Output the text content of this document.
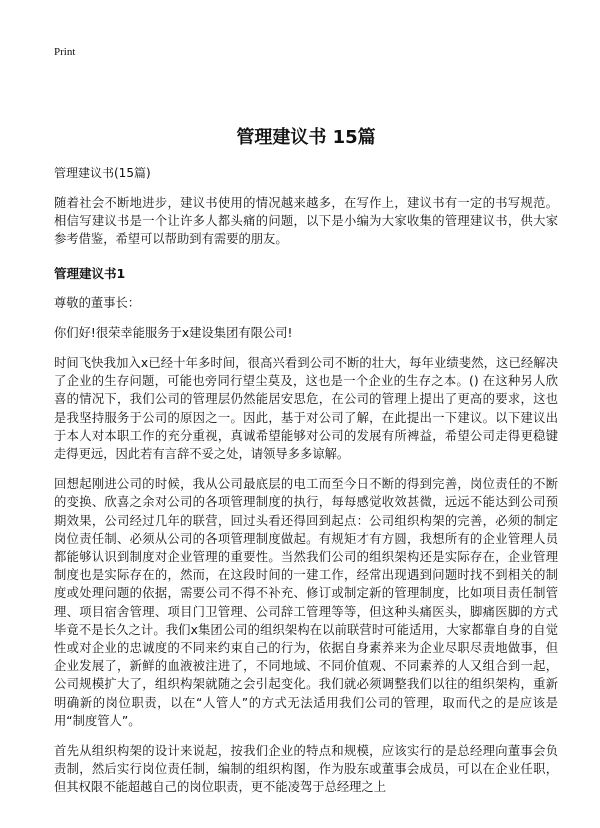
Print
管理建议书 15篇
管理建议书(15篇)

随着社会不断地进步，建议书使用的情况越来越多，在写作上，建议书有一定的书写规范。相信写建议书是一个让许多人都头痛的问题，以下是小编为大家收集的管理建议书，供大家参考借鉴，希望可以帮助到有需要的朋友。

管理建议书1

尊敬的董事长：

你们好!很荣幸能服务于x建设集团有限公司!

时间飞快我加入x已经十年多时间，很高兴看到公司不断的壮大，每年业绩斐然，这已经解决了企业的生存问题，可能也旁同行望尘莫及，这也是一个企业的生存之本。() 在这种另人欣喜的情况下，我们公司的管理层仍然能居安思危，在公司的管理上提出了更高的要求，这也是我坚持服务于公司的原因之一。因此，基于对公司了解，在此提出一下建议。以下建议出于本人对本职工作的充分重视，真诚希望能够对公司的发展有所裨益，希望公司走得更稳键走得更远，因此若有言辞不妥之处，请领导多多谅解。

回想起刚进公司的时候，我从公司最底层的电工而至今日不断的得到完善，岗位责任的不断的变换、欣喜之余对公司的各项管理制度的执行，每每感觉收效甚微，远远不能达到公司预期效果，公司经过几年的联营，回过头看还得回到起点：公司组织构架的完善，必须的制定岗位责任制、必须从公司的各项管理制度做起。有规矩才有方圆，我想所有的企业管理人员都能够认识到制度对企业管理的重要性。当然我们公司的组织架构还是实际存在，企业管理制度也是实际存在的，然而，在这段时间的一建工作，经常出现遇到问题时找不到相关的制度或处理问题的依据，需要公司不得不补充、修订或制定新的管理制度，比如项目责任制管理、项目宿舍管理、项目门卫管理、公司辞工管理等等，但这种头痛医头，脚痛医脚的方式毕竟不是长久之计。我们x集团公司的组织架构在以前联营时可能适用，大家都靠自身的自觉性或对企业的忠诚度的不同来约束自己的行为，依据自身素养来为企业尽职尽责地做事，但企业发展了，新鲜的血液被注进了，不同地域、不同价值观、不同素养的人又组合到一起，公司规模扩大了，组织构架就随之会引起变化。我们就必须调整我们以往的组织架构，重新明确新的岗位职责，以在“人管人”的方式无法适用我们公司的管理，取而代之的是应该是用“制度管人”。

首先从组织构架的设计来说起，按我们企业的特点和规模，应该实行的是总经理向董事会负责制，然后实行岗位责任制，编制的组织构图，作为股东或董事会成员，可以在企业任职，但其权限不能超越自己的岗位职责，更不能凌驾于总经理之上
